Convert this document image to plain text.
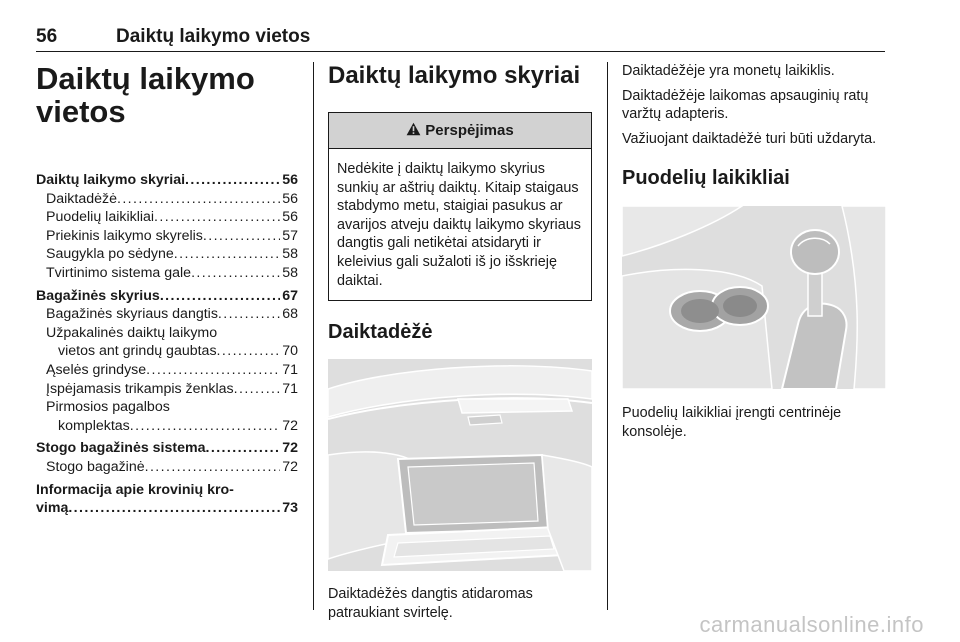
56	Daiktų laikymo vietos
Daiktų laikymo vietos
Daiktų laikymo skyriai .....	56
Daiktadėžė .....	56
Puodelių laikikliai .....	56
Priekinis laikymo skyrelis .....	57
Saugykla po sėdyne .....	58
Tvirtinimo sistema gale .....	58
Bagažinės skyrius .....	67
Bagažinės skyriaus dangtis .....	68
Užpakalinės daiktų laikymo
vietos ant grindų gaubtas .....	70
Ąselės grindyse .....	71
Įspėjamasis trikampis ženklas .....	71
Pirmosios pagalbos
komplektas .....	72
Stogo bagažinės sistema .....	72
Stogo bagažinė .....	72
Informacija apie krovinių kro-
vimą .....	73
Daiktų laikymo skyriai
Perspėjimas
Nedėkite į daiktų laikymo skyrius sunkių ar aštrių daiktų. Kitaip staigaus stabdymo metu, staigiai pasukus ar avarijos atveju daiktų laikymo skyriaus dangtis gali netikėtai atsidaryti ir keleivius gali sužaloti iš jo išskrieję daiktai.
Daiktadėžė
Daiktadėžės dangtis atidaromas patraukiant svirtelę.
Daiktadėžėje yra monetų laikiklis.
Daiktadėžėje laikomas apsauginių ratų varžtų adapteris.
Važiuojant daiktadėžė turi būti uždaryta.
Puodelių laikikliai
Puodelių laikikliai įrengti centrinėje konsolėje.
carmanualsonline.info
